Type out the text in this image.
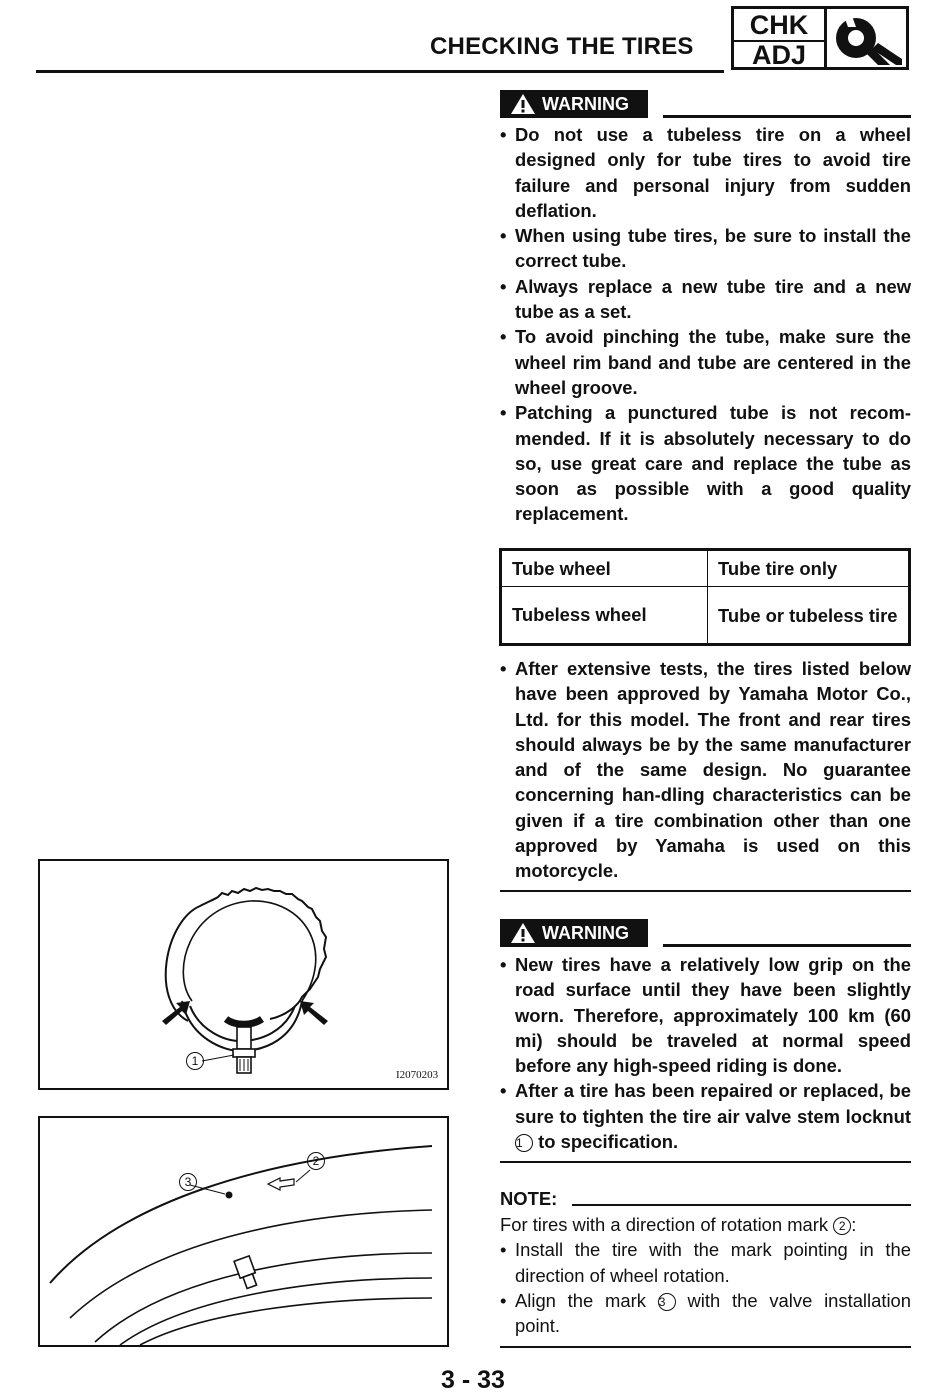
CHECKING THE TIRES
CHK
ADJ
WARNING
• Do not use a tubeless tire on a wheel designed only for tube tires to avoid tire failure and personal injury from sudden deflation.
• When using tube tires, be sure to install the correct tube.
• Always replace a new tube tire and a new tube as a set.
• To avoid pinching the tube, make sure the wheel rim band and tube are centered in the wheel groove.
• Patching a punctured tube is not recom-mended. If it is absolutely necessary to do so, use great care and replace the tube as soon as possible with a good quality replacement.
Tube wheel	Tube tire only
Tubeless wheel	Tube or tubeless tire
• After extensive tests, the tires listed below have been approved by Yamaha Motor Co., Ltd. for this model. The front and rear tires should always be by the same manufacturer and of the same design. No guarantee concerning han-dling characteristics can be given if a tire combination other than one approved by Yamaha is used on this motorcycle.
WARNING
• New tires have a relatively low grip on the road surface until they have been slightly worn. Therefore, approximately 100 km (60 mi) should be traveled at normal speed before any high-speed riding is done.
• After a tire has been repaired or replaced, be sure to tighten the tire air valve stem locknut 1 to specification.
NOTE:
For tires with a direction of rotation mark 2 :
• Install the tire with the mark pointing in the direction of wheel rotation.
• Align the mark 3 with the valve installation point.
1
I2070203
3
2
3 - 33
